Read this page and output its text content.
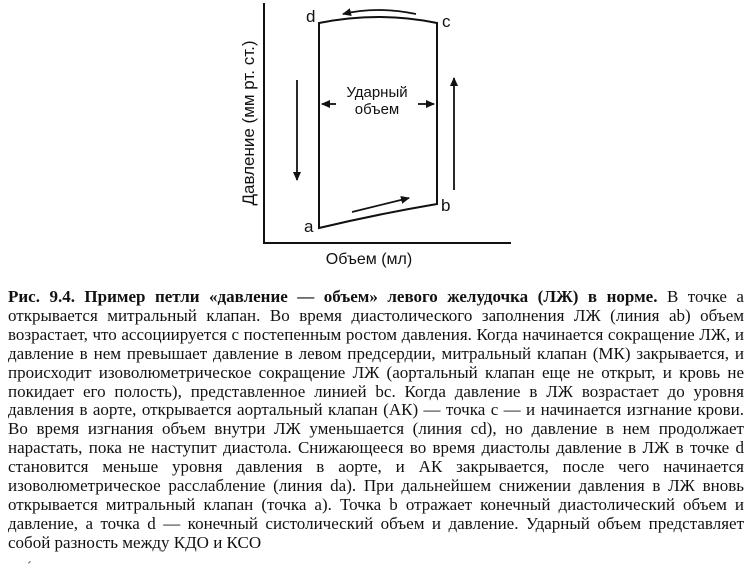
Давление (мм рт. ст.)
Объем (мл)
Ударный
объем
a
b
c
d

Рис. 9.4. Пример петли «давление — объем» левого желудочка (ЛЖ) в норме. В точке a открывается митральный клапан. Во время диастолического заполнения ЛЖ (линия ab) объем возрастает, что ассоциируется с постепенным ростом давления. Когда начинается сокращение ЛЖ, и давление в нем превышает давление в левом предсердии, митральный клапан (МК) закрывается, и происходит изоволюметрическое сокращение ЛЖ (аортальный клапан еще не открыт, и кровь не покидает его полость), представленное линией bc. Когда давление в ЛЖ возрастает до уровня давления в аорте, открывается аортальный клапан (АК) — точка c — и начинается изгнание крови. Во время изгнания объем внутри ЛЖ уменьшается (линия cd), но давление в нем продолжает нарастать, пока не наступит диастола. Снижающееся во время диастолы давление в ЛЖ в точке d становится меньше уровня давления в аорте, и АК закрывается, после чего начинается изоволюметрическое расслабление (линия da). При дальнейшем снижении давления в ЛЖ вновь открывается митральный клапан (точка a). Точка b отражает конечный диастолический объем и давление, а точка d — конечный систолический объем и давление. Ударный объем представляет собой разность между КДО и КСО

ˊ
